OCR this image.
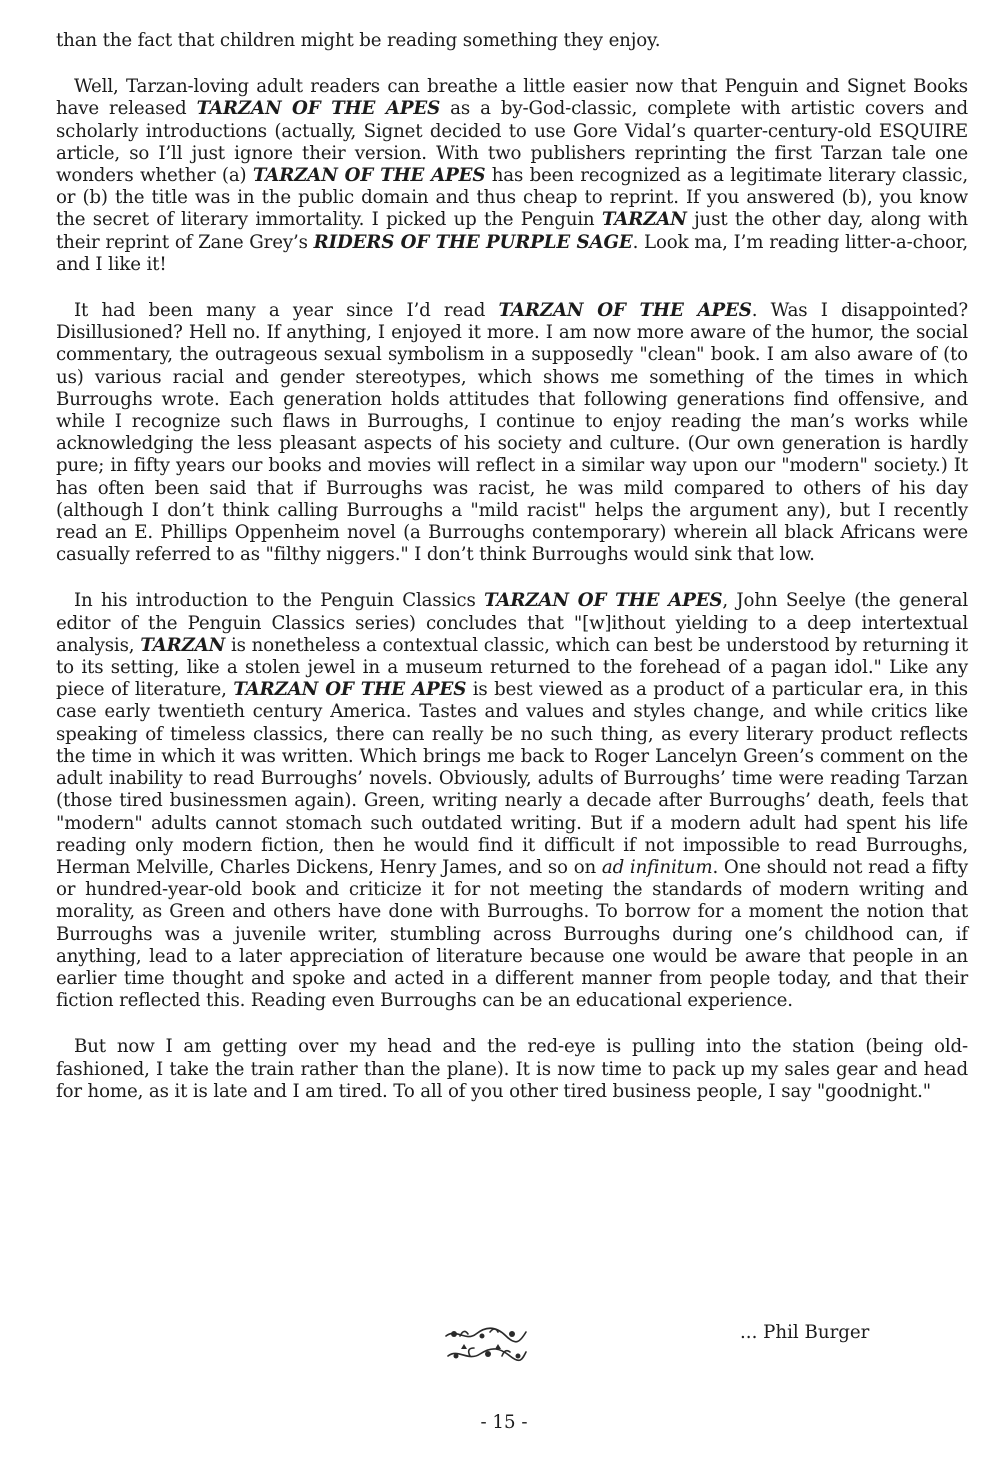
than the fact that children might be reading something they enjoy.

Well, Tarzan-loving adult readers can breathe a little easier now that Penguin and Signet Books have released TARZAN OF THE APES as a by-God-classic, complete with artistic covers and scholarly introductions (actually, Signet decided to use Gore Vidal’s quarter-century-old ESQUIRE article, so I’ll just ignore their version. With two publishers reprinting the first Tarzan tale one wonders whether (a) TARZAN OF THE APES has been recognized as a legitimate literary classic, or (b) the title was in the public domain and thus cheap to reprint. If you answered (b), you know the secret of literary immortality. I picked up the Penguin TARZAN just the other day, along with their reprint of Zane Grey’s RIDERS OF THE PURPLE SAGE. Look ma, I’m reading litter-a-choor, and I like it!

It had been many a year since I’d read TARZAN OF THE APES. Was I disappointed? Disillusioned? Hell no. If anything, I enjoyed it more. I am now more aware of the humor, the social commentary, the outrageous sexual symbolism in a supposedly "clean" book. I am also aware of (to us) various racial and gender stereotypes, which shows me something of the times in which Burroughs wrote. Each generation holds attitudes that following generations find offensive, and while I recognize such flaws in Burroughs, I continue to enjoy reading the man’s works while acknowledging the less pleasant aspects of his society and culture. (Our own generation is hardly pure; in fifty years our books and movies will reflect in a similar way upon our "modern" society.) It has often been said that if Burroughs was racist, he was mild compared to others of his day (although I don’t think calling Burroughs a "mild racist" helps the argument any), but I recently read an E. Phillips Oppenheim novel (a Burroughs contemporary) wherein all black Africans were casually referred to as "filthy niggers." I don’t think Burroughs would sink that low.

In his introduction to the Penguin Classics TARZAN OF THE APES, John Seelye (the general editor of the Penguin Classics series) concludes that "[w]ithout yielding to a deep intertextual analysis, TARZAN is nonetheless a contextual classic, which can best be understood by returning it to its setting, like a stolen jewel in a museum returned to the forehead of a pagan idol." Like any piece of literature, TARZAN OF THE APES is best viewed as a product of a particular era, in this case early twentieth century America. Tastes and values and styles change, and while critics like speaking of timeless classics, there can really be no such thing, as every literary product reflects the time in which it was written. Which brings me back to Roger Lancelyn Green’s comment on the adult inability to read Burroughs’ novels. Obviously, adults of Burroughs’ time were reading Tarzan (those tired businessmen again). Green, writing nearly a decade after Burroughs’ death, feels that "modern" adults cannot stomach such outdated writing. But if a modern adult had spent his life reading only modern fiction, then he would find it difficult if not impossible to read Burroughs, Herman Melville, Charles Dickens, Henry James, and so on ad infinitum. One should not read a fifty or hundred-year-old book and criticize it for not meeting the standards of modern writing and morality, as Green and others have done with Burroughs. To borrow for a moment the notion that Burroughs was a juvenile writer, stumbling across Burroughs during one’s childhood can, if anything, lead to a later appreciation of literature because one would be aware that people in an earlier time thought and spoke and acted in a different manner from people today, and that their fiction reflected this. Reading even Burroughs can be an educational experience.

But now I am getting over my head and the red-eye is pulling into the station (being old-fashioned, I take the train rather than the plane). It is now time to pack up my sales gear and head for home, as it is late and I am tired. To all of you other tired business people, I say "goodnight."

... Phil Burger
- 15 -
